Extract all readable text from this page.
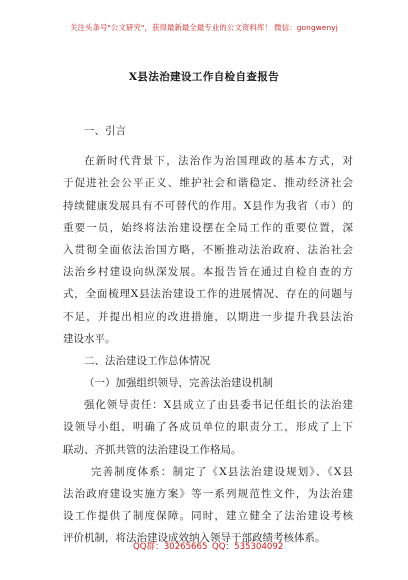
关注头条号"公文研究"，获得最新最全最专业的公文资料库！ 微信：gongwenyj
X县法治建设工作自检自查报告
一、引言
在新时代背景下，法治作为治国理政的基本方式，对
于促进社会公平正义、维护社会和谐稳定、推动经济社会
持续健康发展具有不可替代的作用。X县作为我省（市）的
重要一员，始终将法治建设摆在全局工作的重要位置，深
入贯彻全面依法治国方略，不断推动法治政府、法治社会
法治乡村建设向纵深发展。本报告旨在通过自检自查的方
式，全面梳理X县法治建设工作的进展情况、存在的问题与
不足，并提出相应的改进措施，以期进一步提升我县法治
建设水平。
二、法治建设工作总体情况
（一）加强组织领导，完善法治建设机制
强化领导责任：X县成立了由县委书记任组长的法治建
设领导小组，明确了各成员单位的职责分工，形成了上下
联动、齐抓共管的法治建设工作格局。
完善制度体系：制定了《X县法治建设规划》、《X县
法治政府建设实施方案》等一系列规范性文件，为法治建
设工作提供了制度保障。同时，建立健全了法治建设考核
评价机制，将法治建设成效纳入领导干部政绩考核体系。
QQ群：30265665 QQ：535304092
